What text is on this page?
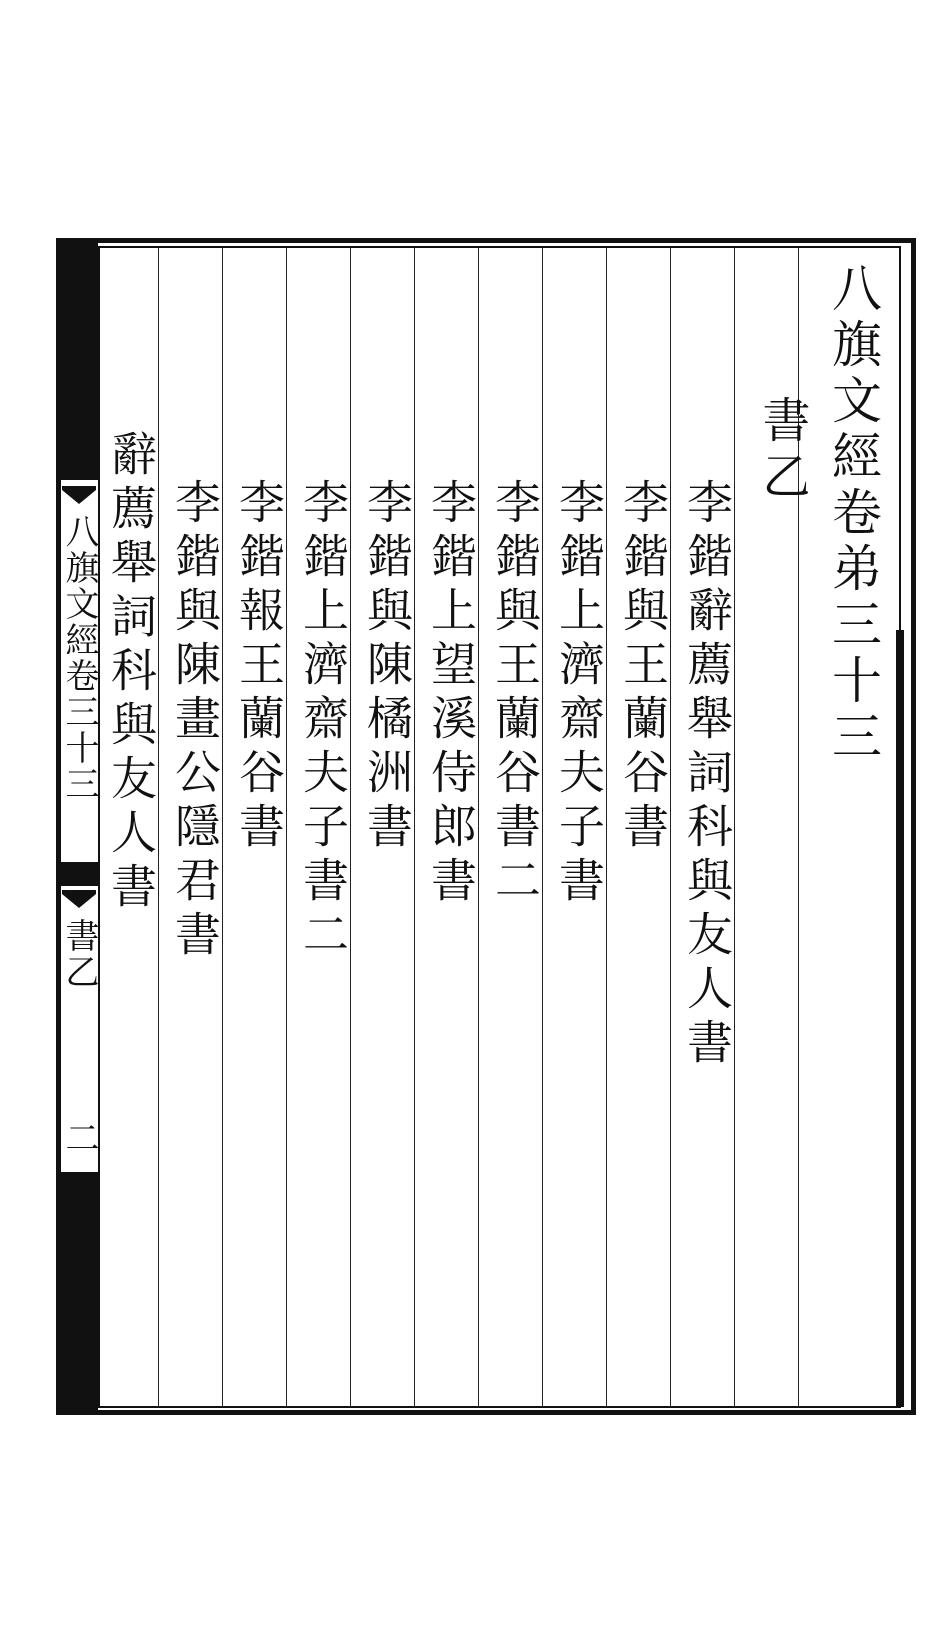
八旗文經卷弟三十三
書乙
李鍇辭薦舉詞科與友人書
李鍇與王蘭谷書
李鍇上濟齋夫子書
李鍇與王蘭谷書二
李鍇上望溪侍郎書
李鍇與陳橘洲書
李鍇上濟齋夫子書二
李鍇報王蘭谷書
李鍇與陳畫公隱君書
辭薦舉詞科與友人書
八旗文經卷三十三
書乙
二
